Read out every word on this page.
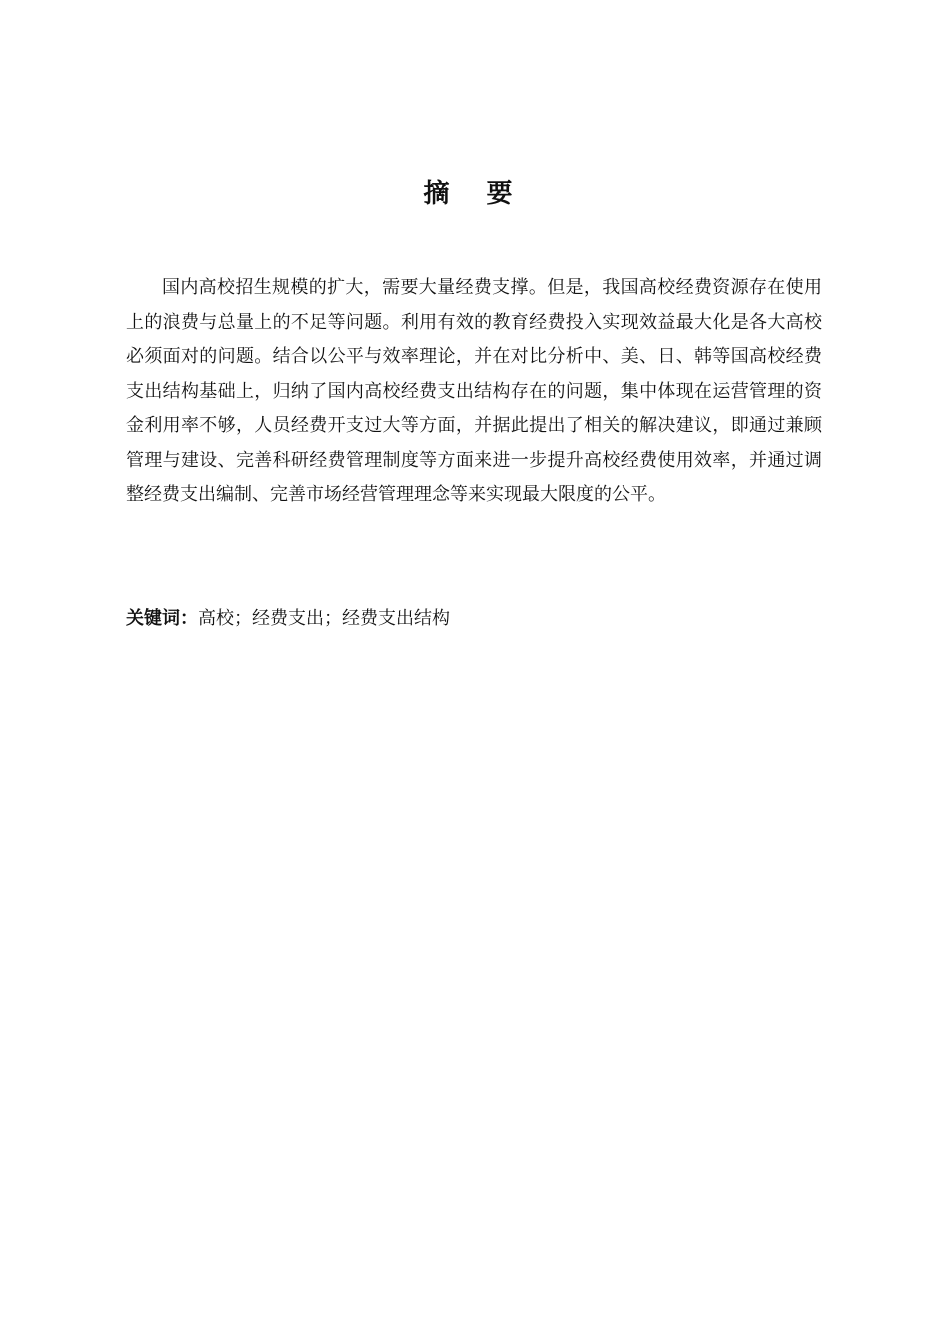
摘 要

国内高校招生规模的扩大，需要大量经费支撑。但是，我国高校经费资源存在使用上的浪费与总量上的不足等问题。利用有效的教育经费投入实现效益最大化是各大高校必须面对的问题。结合以公平与效率理论，并在对比分析中、美、日、韩等国高校经费支出结构基础上，归纳了国内高校经费支出结构存在的问题，集中体现在运营管理的资金利用率不够，人员经费开支过大等方面，并据此提出了相关的解决建议，即通过兼顾管理与建设、完善科研经费管理制度等方面来进一步提升高校经费使用效率，并通过调整经费支出编制、完善市场经营管理理念等来实现最大限度的公平。

关键词：高校；经费支出；经费支出结构
